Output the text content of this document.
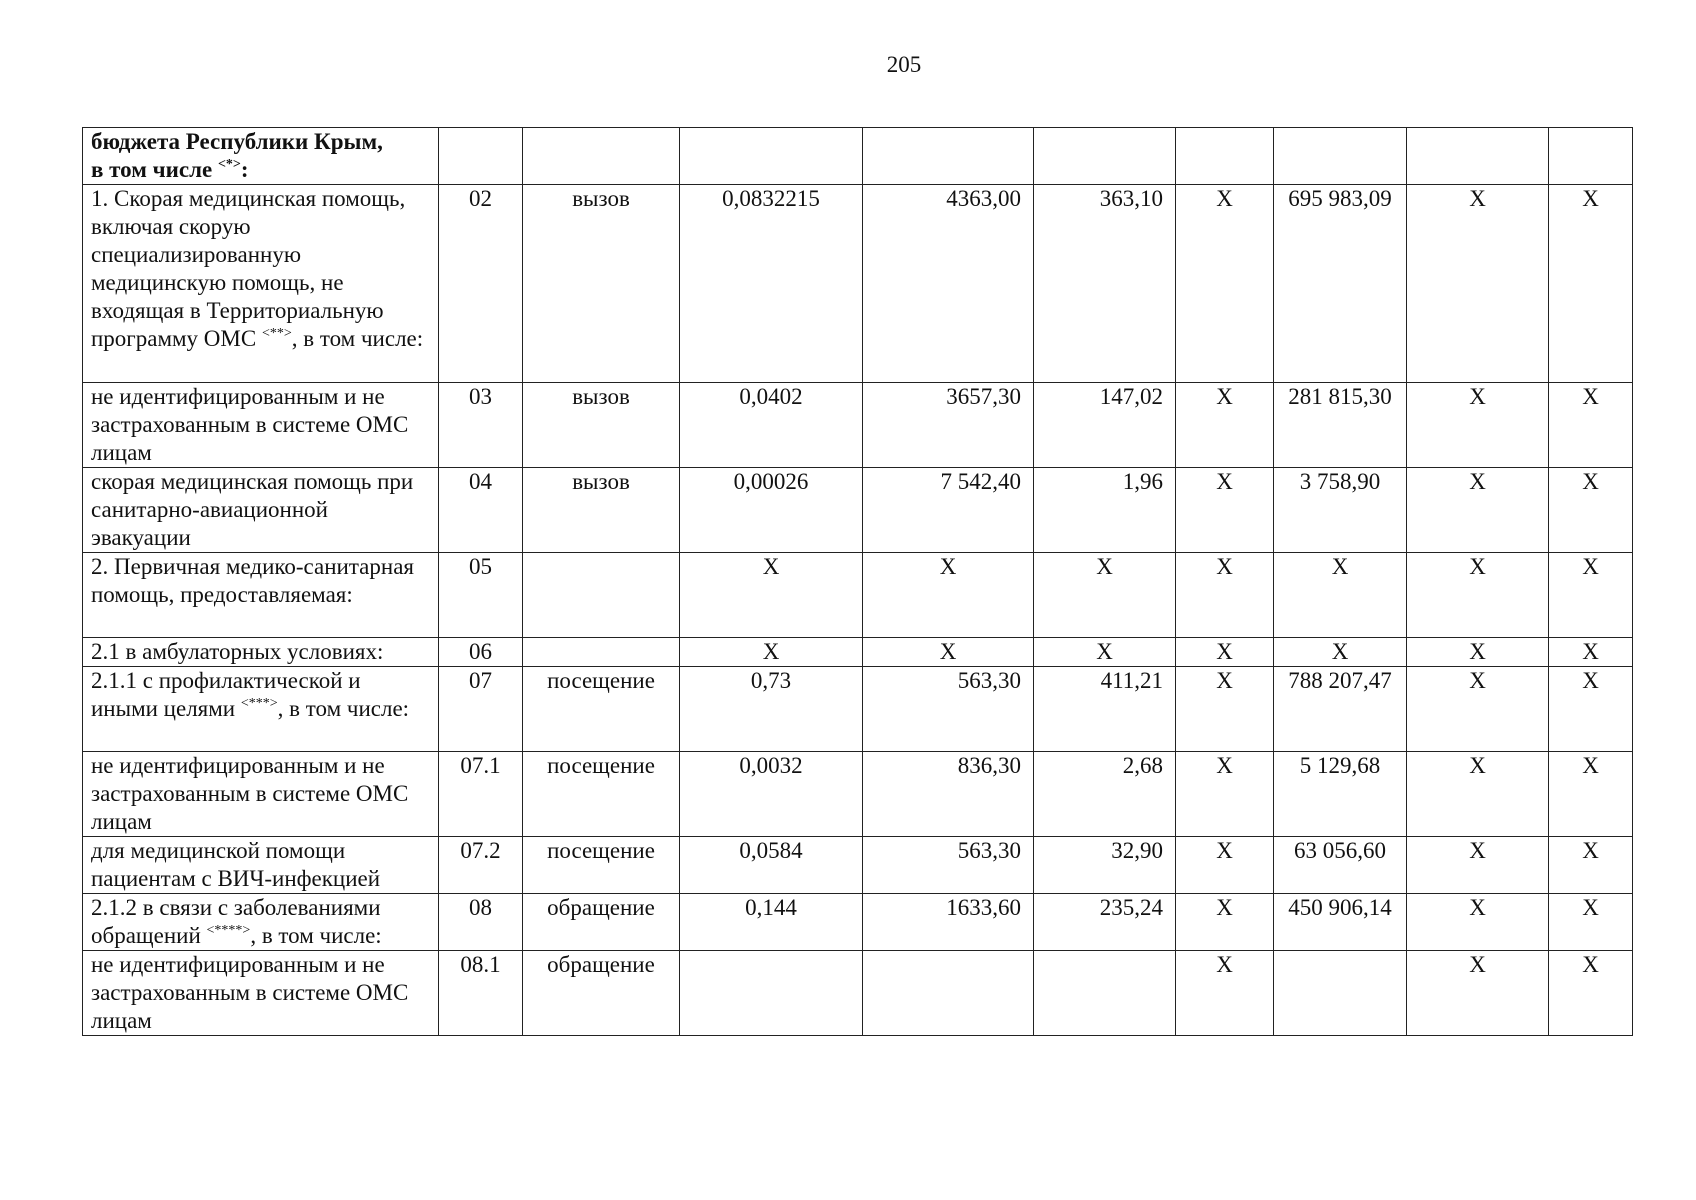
205
бюджета Республики Крым,
в том числе <*>:									
1. Скорая медицинская помощь, включая скорую специализированную медицинскую помощь, не входящая в Территориальную программу ОМС <**>, в том числе:	02	вызов	0,0832215	4363,00	363,10	X	695 983,09	X	X
не идентифицированным и не застрахованным в системе ОМС лицам	03	вызов	0,0402	3657,30	147,02	X	281 815,30	X	X
скорая медицинская помощь при санитарно-авиационной эвакуации	04	вызов	0,00026	7 542,40	1,96	X	3 758,90	X	X
2. Первичная медико-санитарная помощь, предоставляемая:	05		X	X	X	X	X	X	X
2.1 в амбулаторных условиях:	06		X	X	X	X	X	X	X
2.1.1 с профилактической и иными целями <***>, в том числе:	07	посещение	0,73	563,30	411,21	X	788 207,47	X	X
не идентифицированным и не застрахованным в системе ОМС лицам	07.1	посещение	0,0032	836,30	2,68	X	5 129,68	X	X
для медицинской помощи пациентам с ВИЧ-инфекцией	07.2	посещение	0,0584	563,30	32,90	X	63 056,60	X	X
2.1.2 в связи с заболеваниями обращений <****>, в том числе:	08	обращение	0,144	1633,60	235,24	X	450 906,14	X	X
не идентифицированным и не застрахованным в системе ОМС лицам	08.1	обращение				X		X	X
